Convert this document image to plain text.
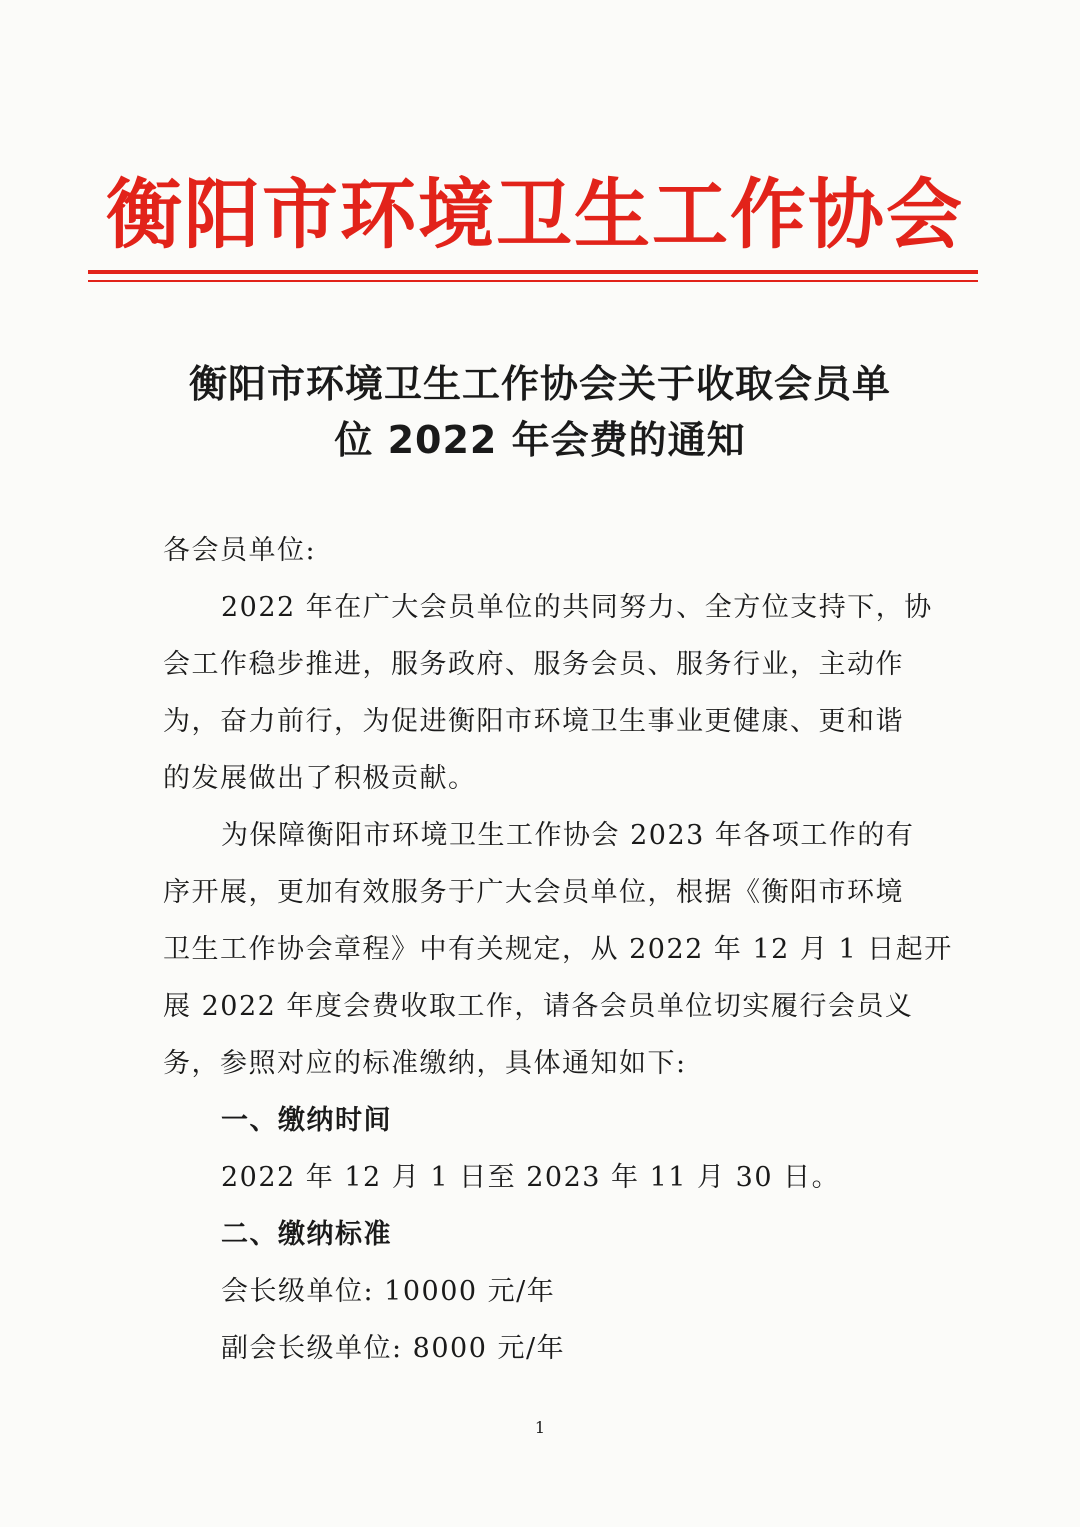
衡阳市环境卫生工作协会
衡阳市环境卫生工作协会关于收取会员单
位 2022 年会费的通知
各会员单位:
2022 年在广大会员单位的共同努力、全方位支持下，协
会工作稳步推进，服务政府、服务会员、服务行业，主动作
为，奋力前行，为促进衡阳市环境卫生事业更健康、更和谐
的发展做出了积极贡献。
为保障衡阳市环境卫生工作协会 2023 年各项工作的有
序开展，更加有效服务于广大会员单位，根据《衡阳市环境
卫生工作协会章程》中有关规定，从 2022 年 12 月 1 日起开
展 2022 年度会费收取工作，请各会员单位切实履行会员义
务，参照对应的标准缴纳，具体通知如下:
一、缴纳时间
2022 年 12 月 1 日至 2023 年 11 月 30 日。
二、缴纳标准
会长级单位: 10000 元/年
副会长级单位: 8000 元/年
1
